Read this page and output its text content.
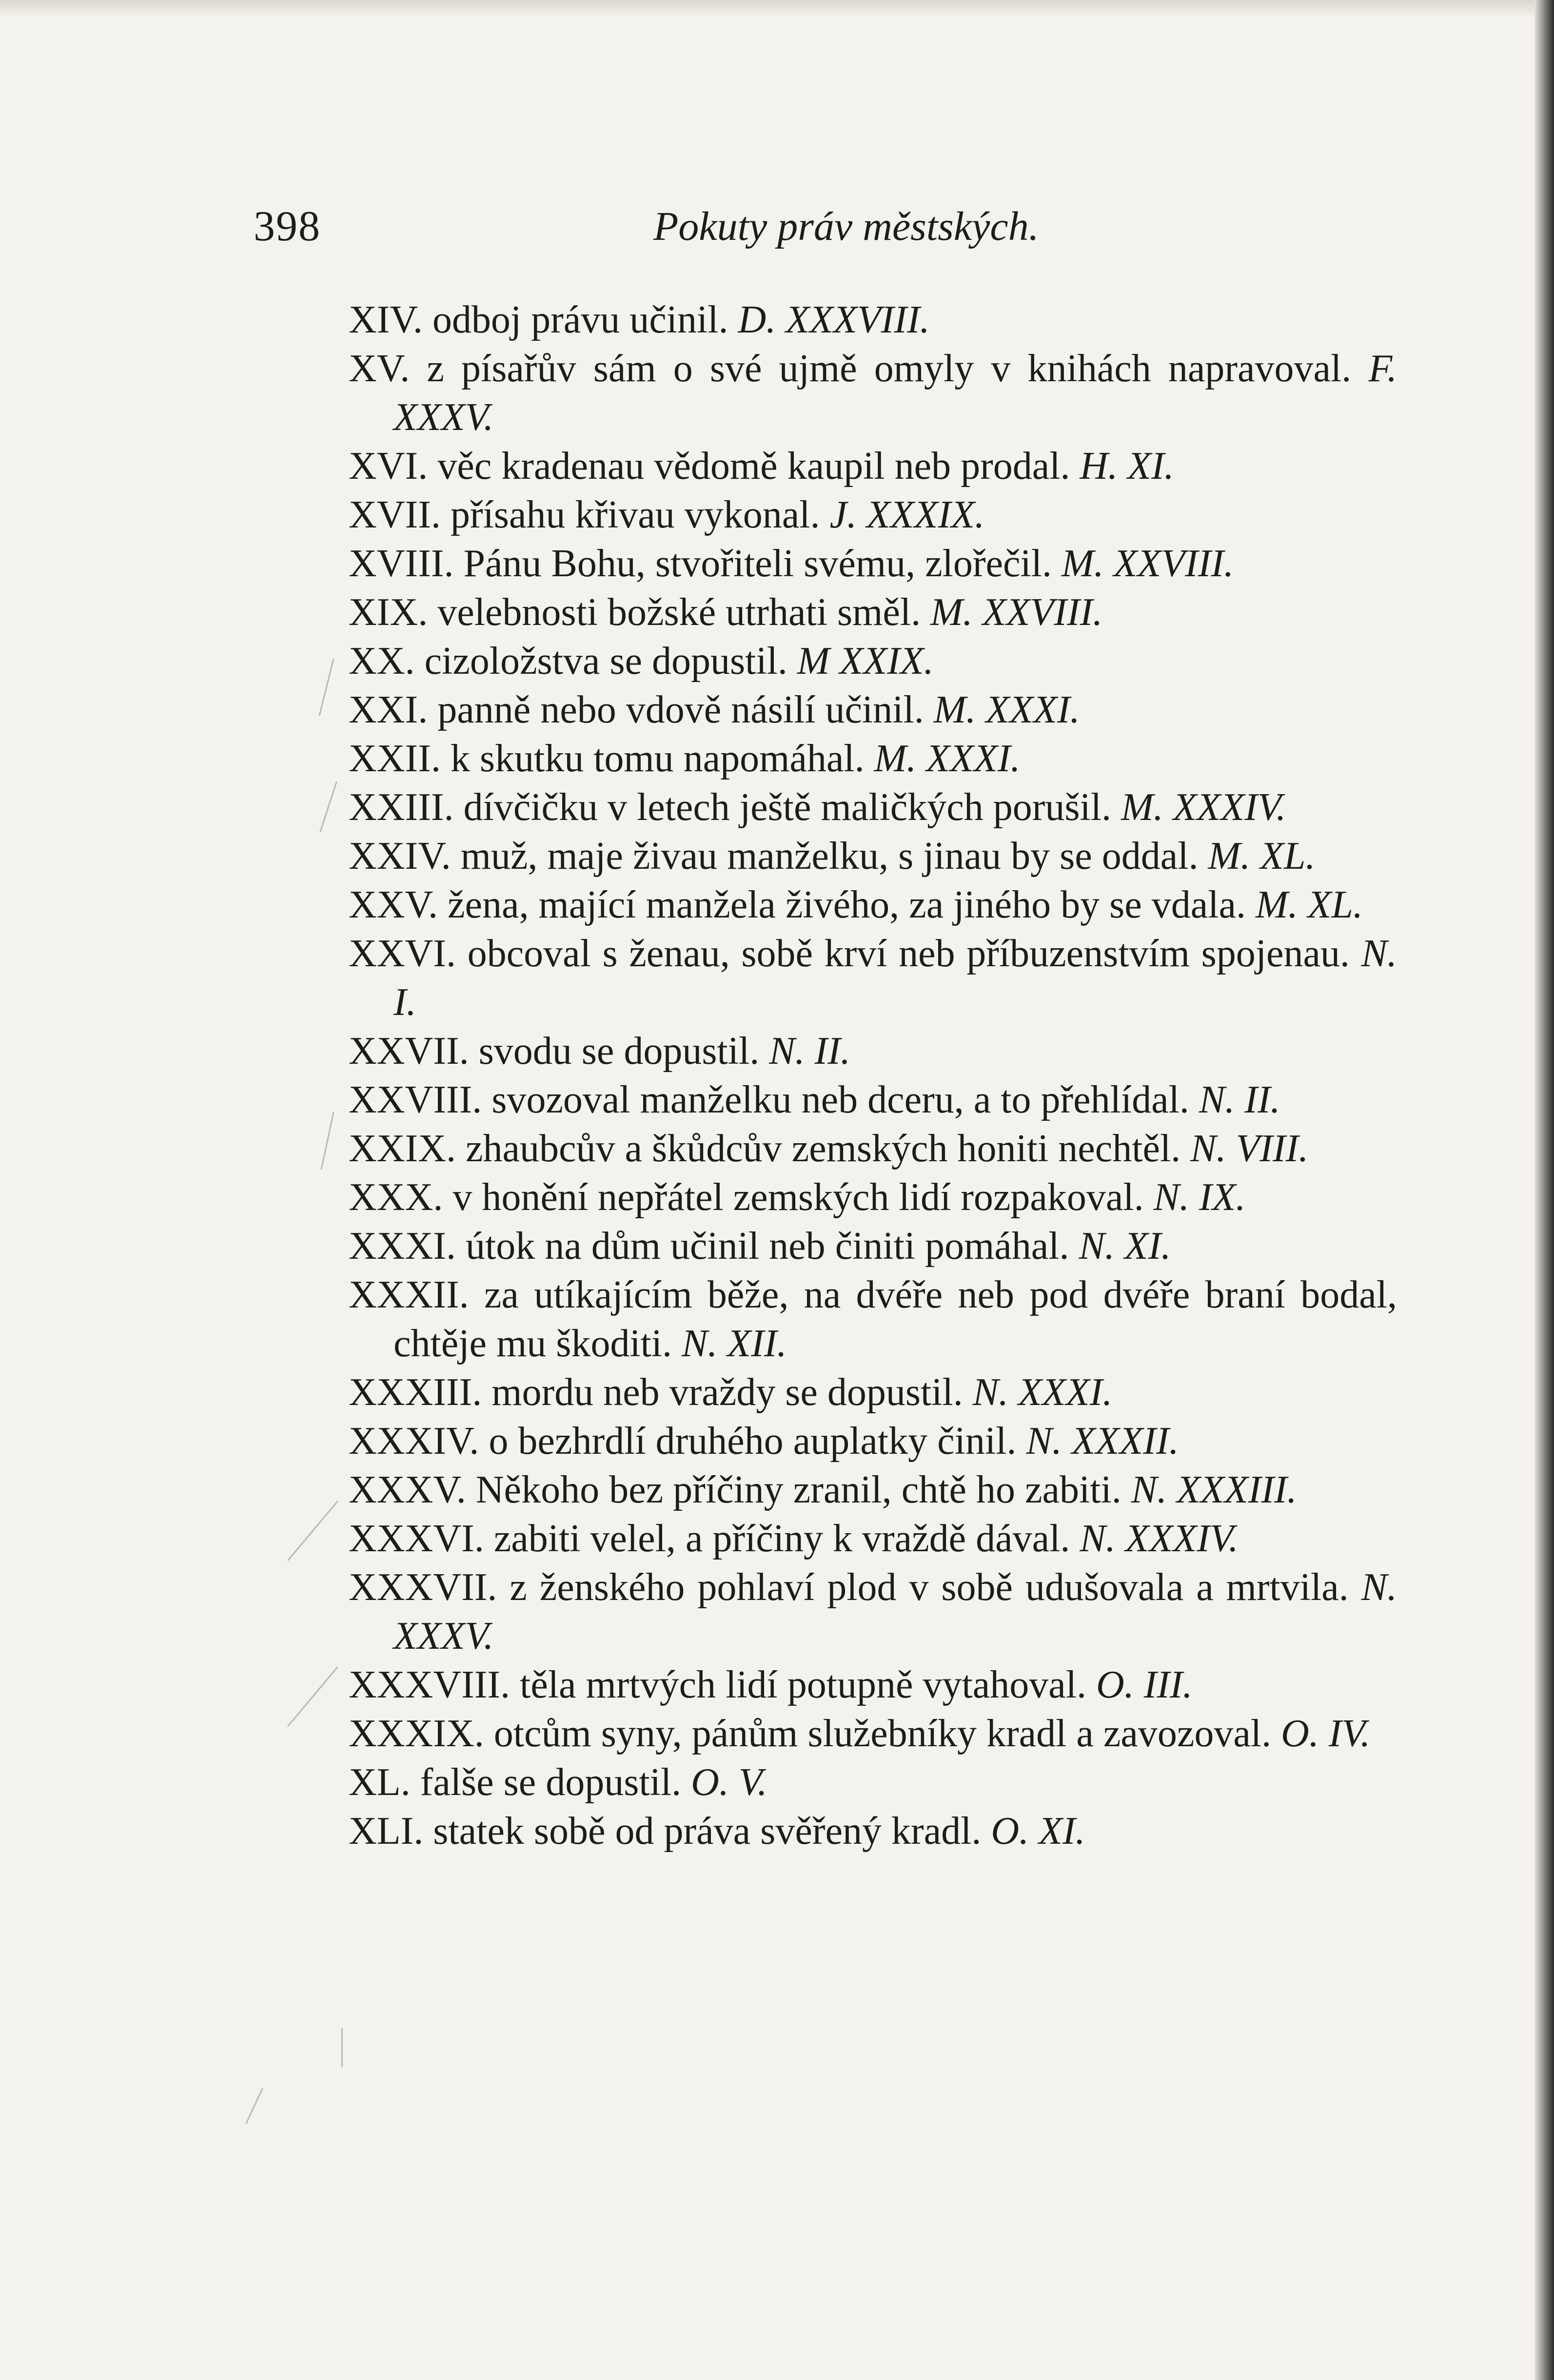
398	Pokuty práv městských.

XIV. odboj právu učinil. D. XXXVIII.

XV. z písařův sám o své ujmě omyly v knihách napravoval. F. XXXV.

XVI. věc kradenau vědomě kaupil neb prodal. H. XI.

XVII. přísahu křivau vykonal. J. XXXIX.

XVIII. Pánu Bohu, stvořiteli svému, zlořečil. M. XXVIII.

XIX. velebnosti božské utrhati směl. M. XXVIII.

XX. cizoložstva se dopustil. M XXIX.

XXI. panně nebo vdově násilí učinil. M. XXXI.

XXII. k skutku tomu napomáhal. M. XXXI.

XXIII. dívčičku v letech ještě maličkých porušil. M. XXXIV.

XXIV. muž, maje živau manželku, s jinau by se oddal. M. XL.

XXV. žena, mající manžela živého, za jiného by se vdala. M. XL.

XXVI. obcoval s ženau, sobě krví neb příbuzenstvím spojenau. N. I.

XXVII. svodu se dopustil. N. II.

XXVIII. svozoval manželku neb dceru, a to přehlídal. N. II.

XXIX. zhaubcův a škůdcův zemských honiti nechtěl. N. VIII.

XXX. v honění nepřátel zemských lidí rozpakoval. N. IX.

XXXI. útok na dům učinil neb činiti pomáhal. N. XI.

XXXII. za utíkajícím běže, na dvéře neb pod dvéře braní bodal, chtěje mu škoditi. N. XII.

XXXIII. mordu neb vraždy se dopustil. N. XXXI.

XXXIV. o bezhrdlí druhého auplatky činil. N. XXXII.

XXXV. Někoho bez příčiny zranil, chtě ho zabiti. N. XXXIII.

XXXVI. zabiti velel, a příčiny k vraždě dával. N. XXXIV.

XXXVII. z ženského pohlaví plod v sobě udušovala a mrtvila. N. XXXV.

XXXVIII. těla mrtvých lidí potupně vytahoval. O. III.

XXXIX. otcům syny, pánům služebníky kradl a zavozoval. O. IV.

XL. falše se dopustil. O. V.

XLI. statek sobě od práva svěřený kradl. O. XI.
